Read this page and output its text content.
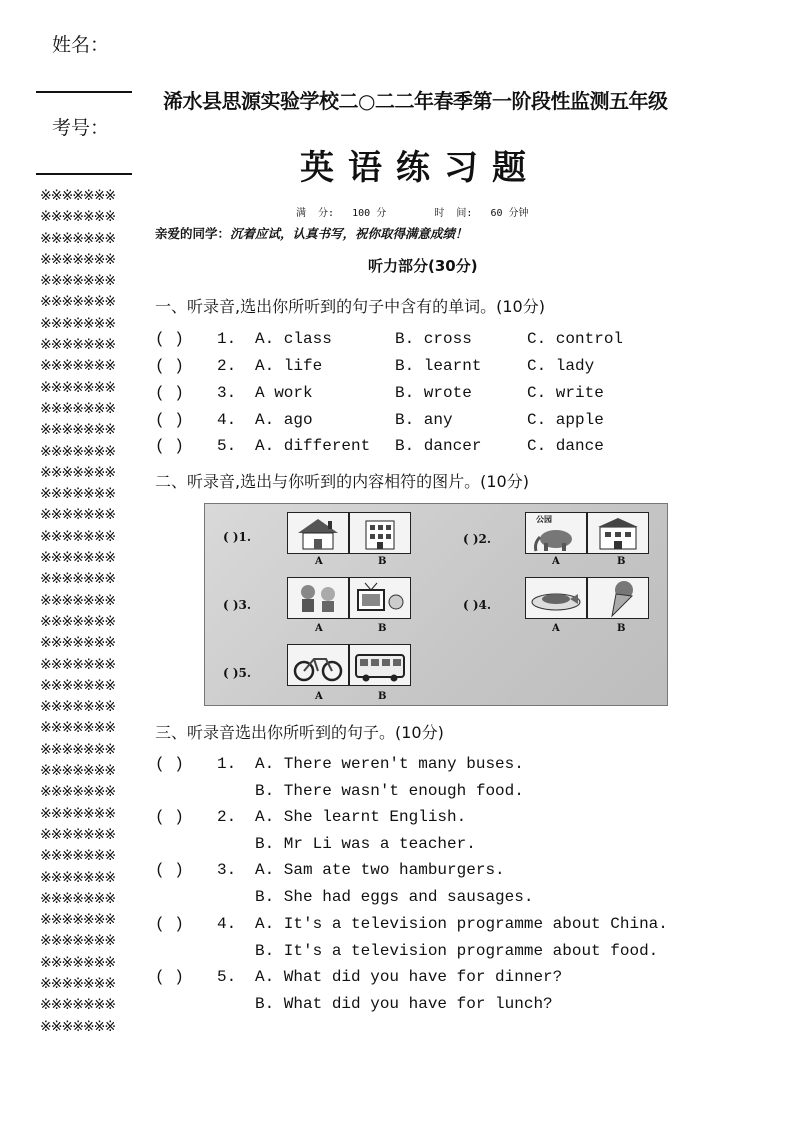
姓名：
考号：
※※※※※※※
※※※※※※※
※※※※※※※
※※※※※※※
※※※※※※※
※※※※※※※
※※※※※※※
※※※※※※※
※※※※※※※
※※※※※※※
※※※※※※※
※※※※※※※
※※※※※※※
※※※※※※※
※※※※※※※
※※※※※※※
※※※※※※※
※※※※※※※
※※※※※※※
※※※※※※※
※※※※※※※
※※※※※※※
※※※※※※※
※※※※※※※
※※※※※※※
※※※※※※※
※※※※※※※
※※※※※※※
※※※※※※※
※※※※※※※
※※※※※※※
※※※※※※※
※※※※※※※
※※※※※※※
※※※※※※※
※※※※※※※
※※※※※※※
※※※※※※※
※※※※※※※
※※※※※※※
浠水县思源实验学校二○二二年春季第一阶段性监测五年级
英语练习题
满  分:   100 分        时  间:   60 分钟
亲爱的同学：沉着应试，认真书写，祝你取得满意成绩！
听力部分(30分)
一、听录音,选出你所听到的句子中含有的单词。(10分)
( ) 1. A. class	B. cross	C. control
( ) 2. A. life	B. learnt	C. lady
( ) 3. A work	B. wrote	C. write
( ) 4. A. ago	B. any	C. apple
( ) 5. A. different B. dancer	C. dance
二、听录音,选出与你听到的内容相符的图片。(10分)
( )1.
A	B
( )2.
公园
A	B
( )3.
A	B
( )4.
A	B
( )5.
A	B
三、听录音选出你所听到的句子。(10分)
( ) 1. A. There weren't many buses.
B. There wasn't enough food.
( ) 2. A. She learnt English.
B. Mr Li was a teacher.
( ) 3. A. Sam ate two hamburgers.
B. She had eggs and sausages.
( ) 4. A. It's a television programme about China.
B. It's a television programme about food.
( ) 5. A. What did you have for dinner?
B. What did you have for lunch?
